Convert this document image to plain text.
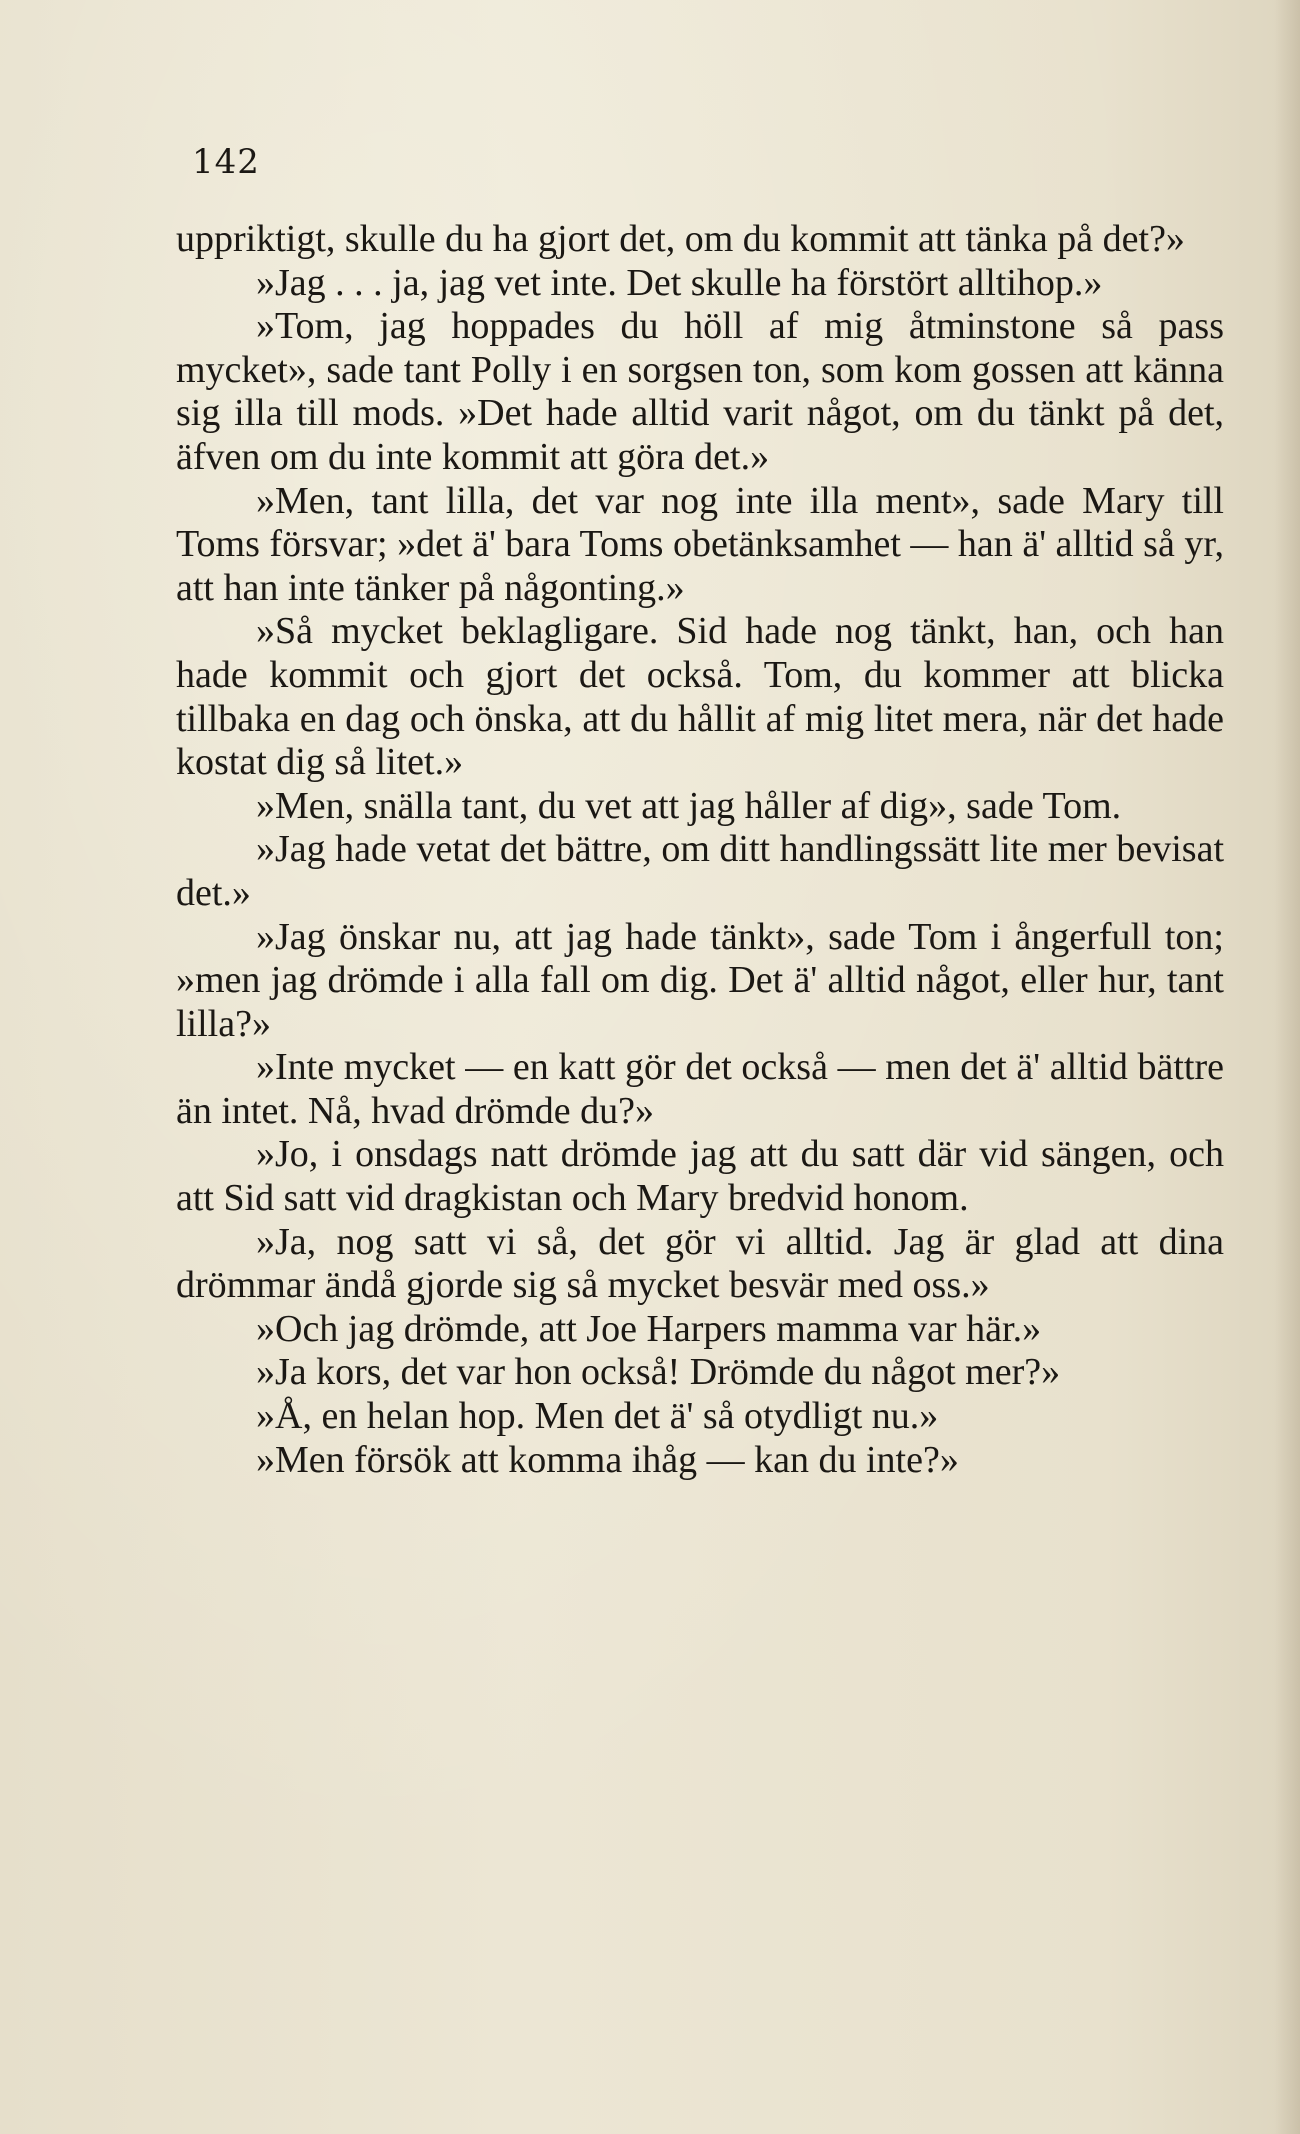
142

uppriktigt, skulle du ha gjort det, om du kommit att tänka på det?»

»Jag . . . ja, jag vet inte. Det skulle ha förstört alltihop.»

»Tom, jag hoppades du höll af mig åtminstone så pass mycket», sade tant Polly i en sorgsen ton, som kom gossen att känna sig illa till mods. »Det hade alltid varit något, om du tänkt på det, äfven om du inte kommit att göra det.»

»Men, tant lilla, det var nog inte illa ment», sade Mary till Toms försvar; »det ä' bara Toms obetänksamhet — han ä' alltid så yr, att han inte tänker på någonting.»

»Så mycket beklagligare. Sid hade nog tänkt, han, och han hade kommit och gjort det också. Tom, du kommer att blicka tillbaka en dag och önska, att du hållit af mig litet mera, när det hade kostat dig så litet.»

»Men, snälla tant, du vet att jag håller af dig», sade Tom.

»Jag hade vetat det bättre, om ditt handlingssätt lite mer bevisat det.»

»Jag önskar nu, att jag hade tänkt», sade Tom i ångerfull ton; »men jag drömde i alla fall om dig. Det ä' alltid något, eller hur, tant lilla?»

»Inte mycket — en katt gör det också — men det ä' alltid bättre än intet. Nå, hvad drömde du?»

»Jo, i onsdags natt drömde jag att du satt där vid sängen, och att Sid satt vid dragkistan och Mary bredvid honom.

»Ja, nog satt vi så, det gör vi alltid. Jag är glad att dina drömmar ändå gjorde sig så mycket besvär med oss.»

»Och jag drömde, att Joe Harpers mamma var här.»

»Ja kors, det var hon också! Drömde du något mer?»

»Å, en helan hop. Men det ä' så otydligt nu.»

»Men försök att komma ihåg — kan du inte?»
